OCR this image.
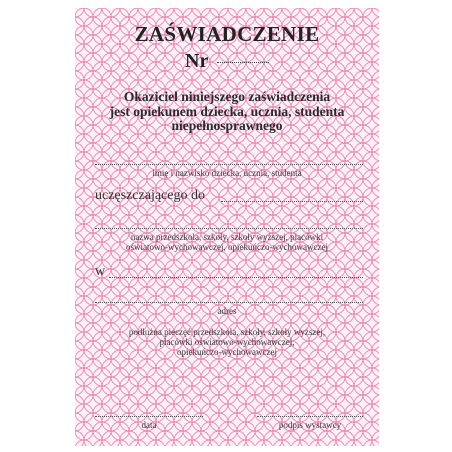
ZAŚWIADCZENIE
Nr
Okaziciel niniejszego zaświadczenia
jest opiekunem dziecka, ucznia, studenta
niepełnosprawnego
imię i nazwisko dziecka, ucznia, studenta
uczęszczającego do
nazwa przedszkola, szkoły, szkoły wyższej, placówki
oświatowo-wychowawczej, opiekuńczo-wychowawczej
w
adres
podłużna pieczęć przedszkola, szkoły, szkoły wyższej,
placówki oświatowo-wychowawczej,
opiekuńczo-wychowawczej
data	podpis wystawcy
